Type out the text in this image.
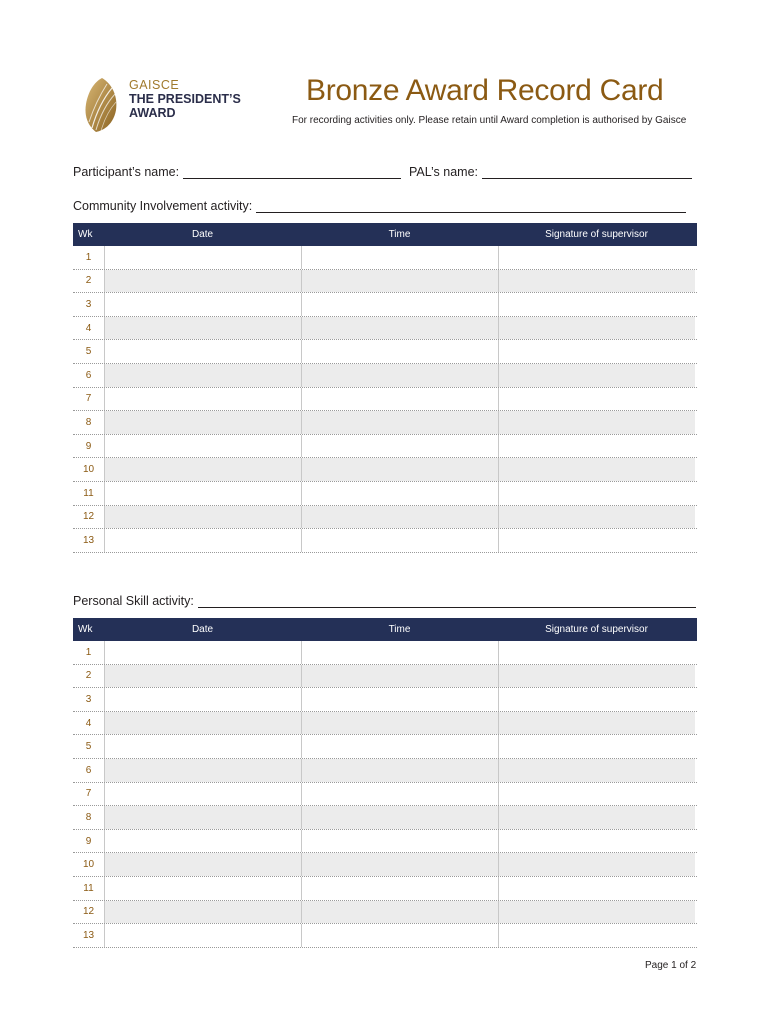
GAISCE
THE PRESIDENT’S
AWARD
Bronze Award Record Card
For recording activities only. Please retain until Award completion is authorised by Gaisce
Participant’s name:	PAL’s name:
Community Involvement activity:
Wk	Date	Time	Signature of supervisor
1
2
3
4
5
6
7
8
9
10
11
12
13
Personal Skill activity:
Wk	Date	Time	Signature of supervisor
1
2
3
4
5
6
7
8
9
10
11
12
13
Page 1 of 2
